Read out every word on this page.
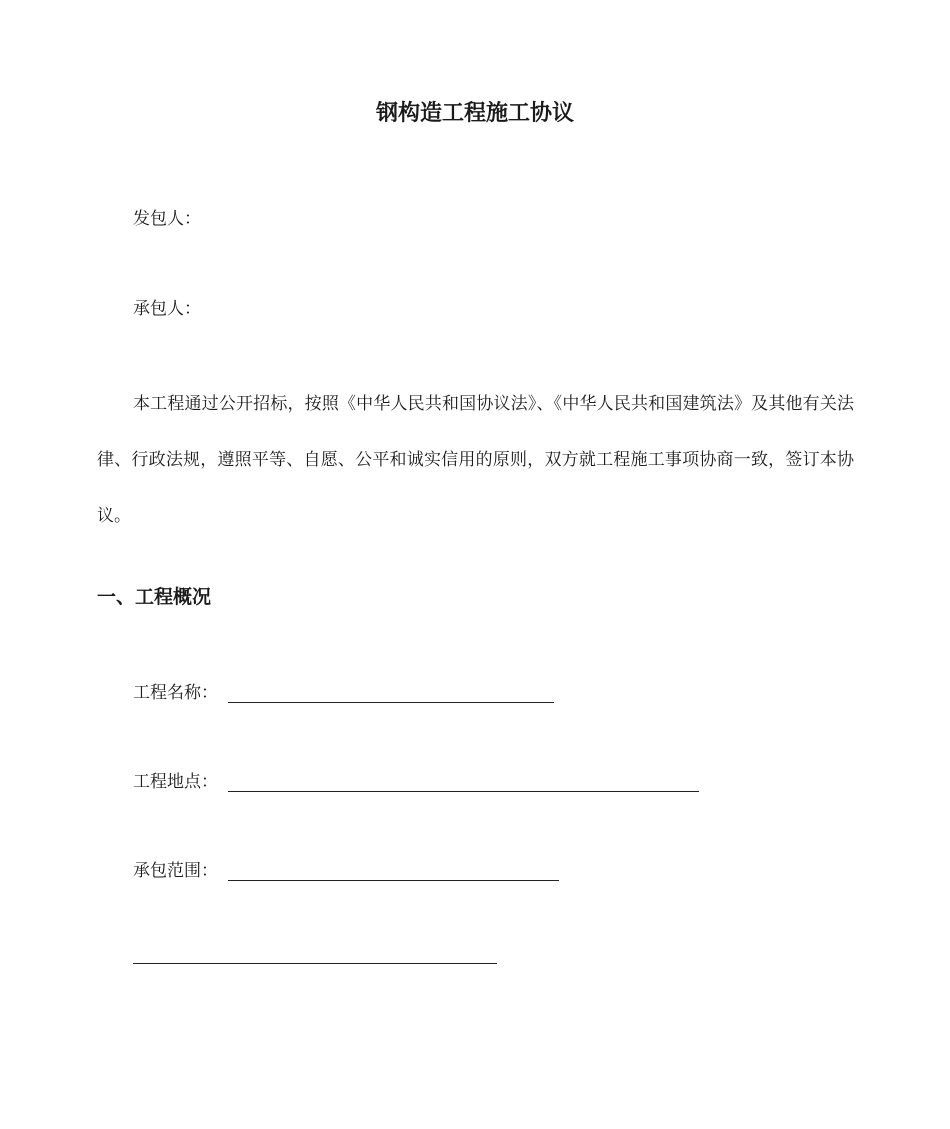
钢构造工程施工协议
发包人：
承包人：
本工程通过公开招标，按照《中华人民共和国协议法》、《中华人民共和国建筑法》及其他有关法律、行政法规，遵照平等、自愿、公平和诚实信用的原则，双方就工程施工事项协商一致，签订本协议。
一、工程概况
工程名称：
工程地点：
承包范围：
